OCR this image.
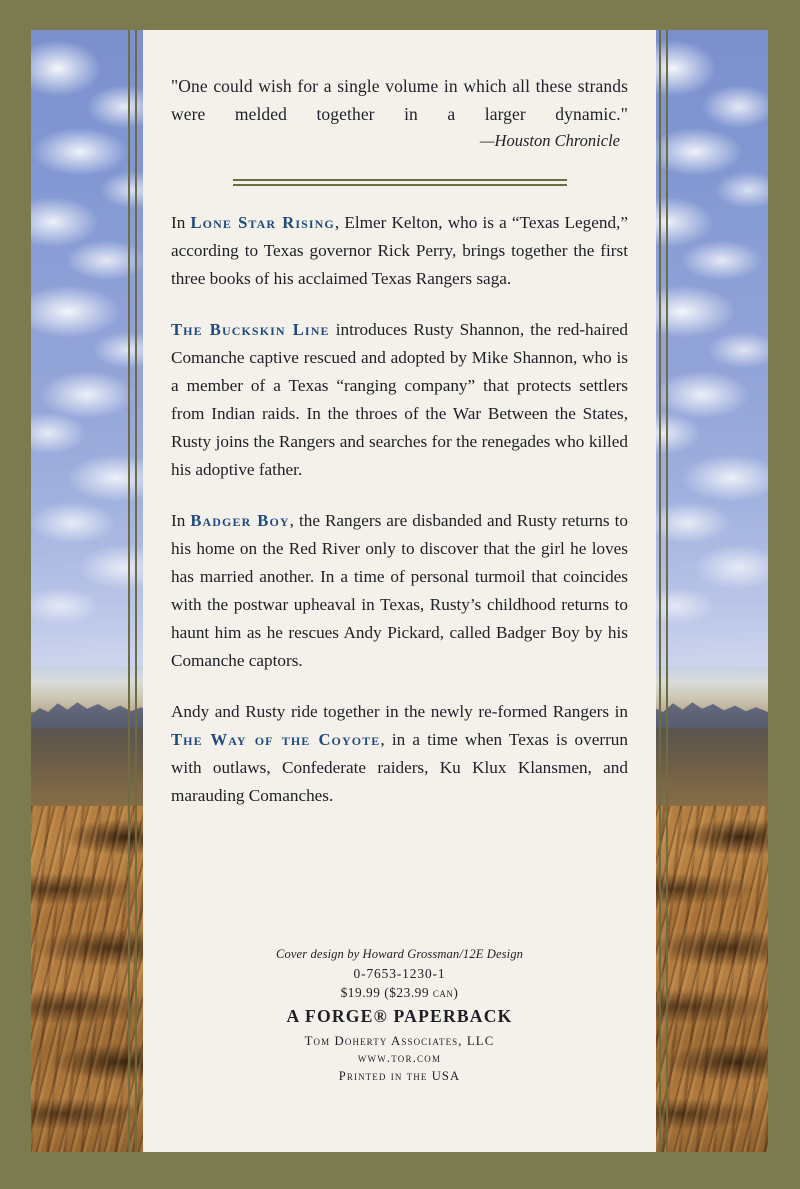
"One could wish for a single volume in which all these strands were melded together in a larger dynamic."

—Houston Chronicle

In Lone Star Rising, Elmer Kelton, who is a “Texas Legend,” according to Texas governor Rick Perry, brings together the first three books of his acclaimed Texas Rangers saga.

The Buckskin Line introduces Rusty Shannon, the red-haired Comanche captive rescued and adopted by Mike Shannon, who is a member of a Texas “ranging company” that protects settlers from Indian raids. In the throes of the War Between the States, Rusty joins the Rangers and searches for the renegades who killed his adoptive father.

In Badger Boy, the Rangers are disbanded and Rusty returns to his home on the Red River only to discover that the girl he loves has married another. In a time of personal turmoil that coincides with the postwar upheaval in Texas, Rusty’s childhood returns to haunt him as he rescues Andy Pickard, called Badger Boy by his Comanche captors.

Andy and Rusty ride together in the newly re-formed Rangers in The Way of the Coyote, in a time when Texas is overrun with outlaws, Confederate raiders, Ku Klux Klansmen, and marauding Comanches.

Cover design by Howard Grossman/12E Design
0-7653-1230-1
$19.99 ($23.99 can)
A FORGE® PAPERBACK
Tom Doherty Associates, LLC
www.tor.com
Printed in the USA
